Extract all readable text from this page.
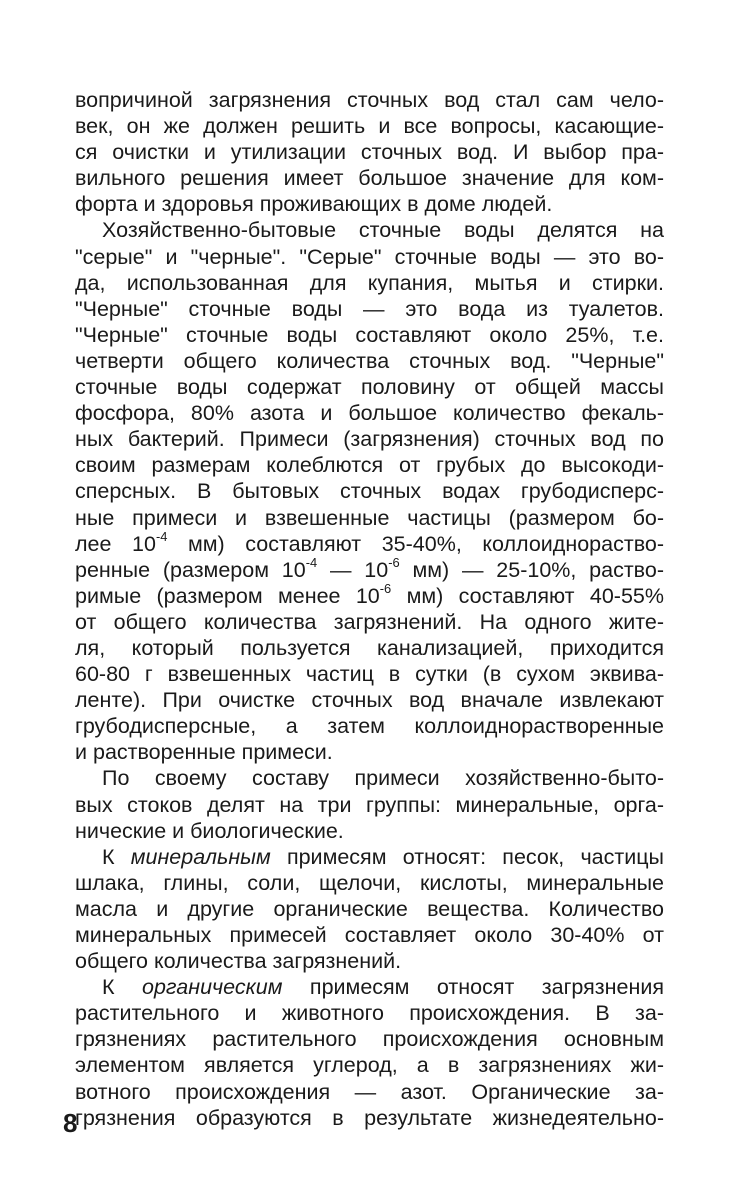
вопричиной загрязнения сточных вод стал сам чело-
век, он же должен решить и все вопросы, касающие-
ся очистки и утилизации сточных вод. И выбор пра-
вильного решения имеет большое значение для ком-
форта и здоровья проживающих в доме людей.
Хозяйственно-бытовые сточные воды делятся на
"серые" и "черные". "Серые" сточные воды — это во-
да, использованная для купания, мытья и стирки.
"Черные" сточные воды — это вода из туалетов.
"Черные" сточные воды составляют около 25%, т.е.
четверти общего количества сточных вод. "Черные"
сточные воды содержат половину от общей массы
фосфора, 80% азота и большое количество фекаль-
ных бактерий. Примеси (загрязнения) сточных вод по
своим размерам колеблются от грубых до высокоди-
сперсных. В бытовых сточных водах грубодисперс-
ные примеси и взвешенные частицы (размером бо-
лее $10^{-4}$ мм) составляют 35-40%, коллоиднораство-
ренные (размером $10^{-4}$ — $10^{-6}$ мм) — 25-10%, раство-
римые (размером менее $10^{-6}$ мм) составляют 40-55%
от общего количества загрязнений. На одного жите-
ля, который пользуется канализацией, приходится
60-80 г взвешенных частиц в сутки (в сухом эквива-
ленте). При очистке сточных вод вначале извлекают
грубодисперсные, а затем коллоиднорастворенные
и растворенные примеси.
По своему составу примеси хозяйственно-быто-
вых стоков делят на три группы: минеральные, орга-
нические и биологические.
К минеральным примесям относят: песок, частицы
шлака, глины, соли, щелочи, кислоты, минеральные
масла и другие органические вещества. Количество
минеральных примесей составляет около 30-40% от
общего количества загрязнений.
К органическим примесям относят загрязнения
растительного и животного происхождения. В за-
грязнениях растительного происхождения основным
элементом является углерод, а в загрязнениях жи-
вотного происхождения — азот. Органические за-
грязнения образуются в результате жизнедеятельно-
8
